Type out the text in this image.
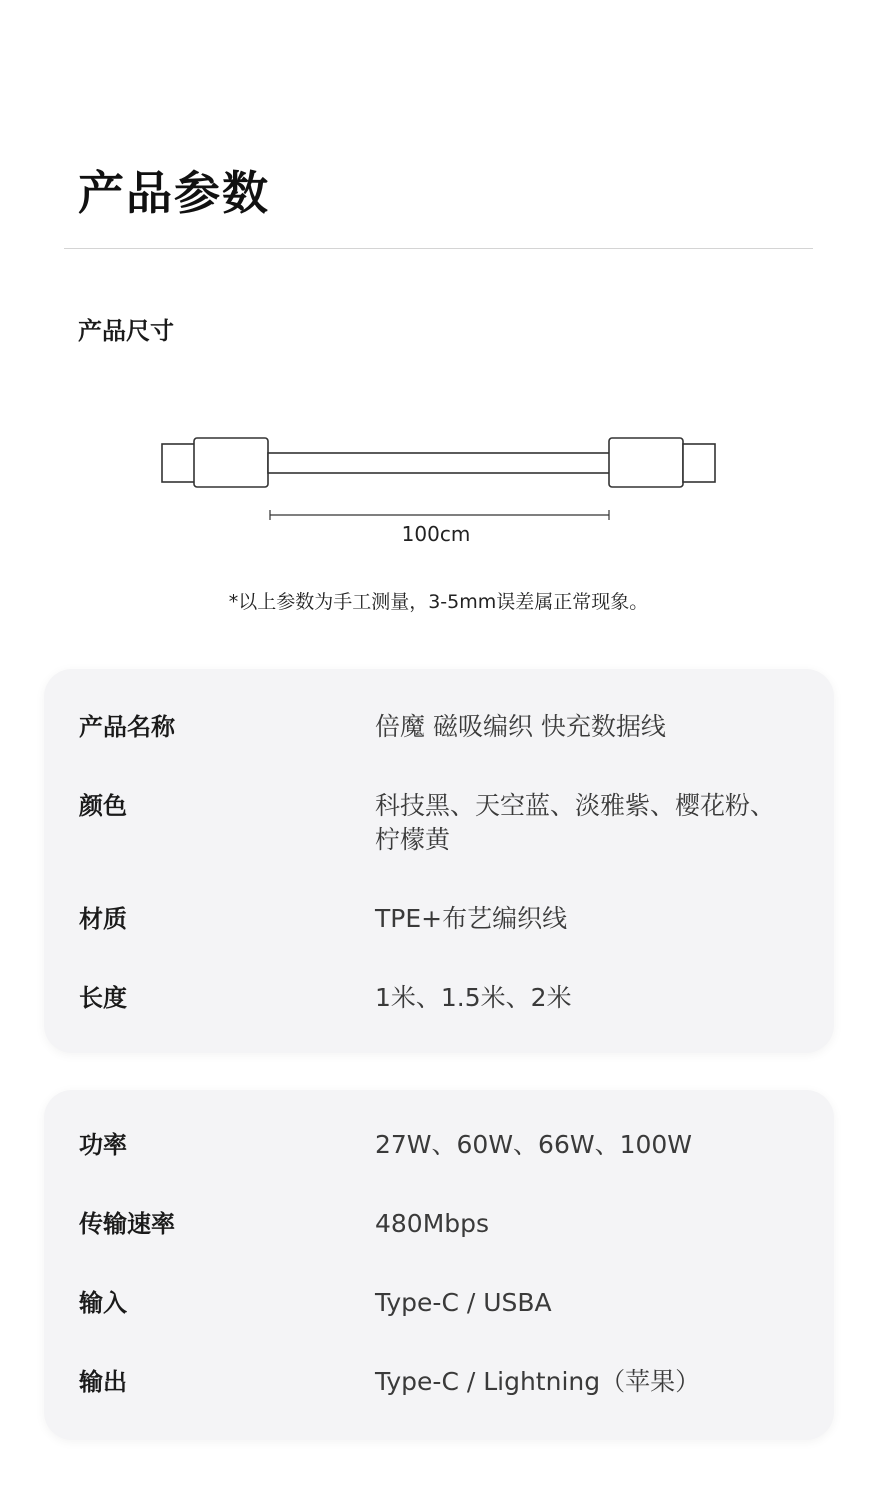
产品参数
产品尺寸
100cm

*以上参数为手工测量，3-5mm误差属正常现象。

产品名称	倍魔 磁吸编织 快充数据线
颜色	科技黑、天空蓝、淡雅紫、樱花粉、柠檬黄
材质	TPE+布艺编织线
长度	1米、1.5米、2米
功率	27W、60W、66W、100W
传输速率	480Mbps
输入	Type-C / USBA
输出	Type-C / Lightning（苹果）
